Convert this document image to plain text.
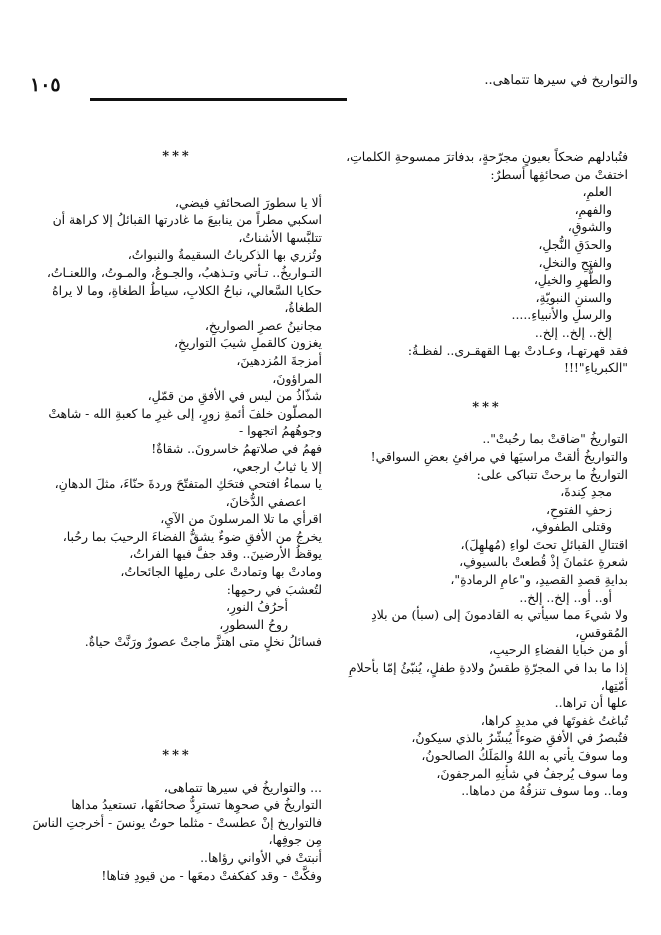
١٠٥	والتواريخ في سيرها تتماهى..

فتُبادلهم ضحكاً بعيونٍ مجرّحةٍ، بدفاترَ ممسوحةِ الكلماتِ،

اختفتْ من صحائفِها أسطرٌ:

العلمِ،

والفهمِ،

والشوقِ،

والحدَقِ النُّجلِ،

والفتحِ والنخلِ،

والطُّهرِ والخيلِ،

والسننِ النبويّةِ،

والرسلِ والأنبياءِ.....

إلخ.. إلخ.. إلخ..

فقد قهرتهـا، وعـادتْ بهـا القهقـرى.. لفظـةُ: "الكبرياءِ"!!!

***

التواريخُ "ضاقتْ بما رحُبتْ"..

والتواريخُ ألقتْ مراسيَها في مرافئِ بعضِ السواقي!

التواريخُ ما برحتْ تتباكى على:

مجدِ كِندةَ،

زحفِ الفتوحِ،

وقتلى الطفوفِ،

اقتتالِ القبائلِ تحتَ لواءِ (مُهلهِلَ)،

شعرةِ عثمانَ إذْ قُطعتْ بالسيوفِ،

بدايةِ قصدِ القصيدِ، و"عامِ الرمادةِ"،

أو.. أو.. إلخ.. إلخ..

ولا شيءَ مما سيأتي به القادمونَ إلى (سبأ) من بلادِ المُقوقسِ،

أو من خبايا الفضاءِ الرحيبِ،

إذا ما بدا في المجرّةِ طقسُ ولادةِ طفلٍ، يُنبّئُ إمّا بأحلامِ أمّتِها،

علها أن تراها..

تُباغتُ غفوتَها في مديدِ كراها،

فتُبصرُ في الأفقِ ضوءاً يُبشّرُ بالذي سيكونُ،

وما سوفَ يأتي به اللهُ والمَلَكُ الصالحونُ،

وما سوف يُرجفُ في شأنِهِ المرجفونَ،

وما.. وما سوف تنزفُهُ من دماها..

***

ألا يا سطورَ الصحائفِ فيضي،

اسكبي مطراً من ينابيعَ ما غادرتها القبائلُ إلا كراهة أن تتلبَّسها الأشناتُ،

وتُزري بها الذكرياتُ السقيمةُ والنبواتُ،

التـواريخُ.. تـأتي وتـذهبُ، والجـوعُ، والمـوتُ، واللعنـاتُ،

حكايا السَّعالي، نباحُ الكلابِ، سياطُ الطغاةِ، وما لا يراهُ الطغاةُ،

مجانينُ عصرِ الصواريخِ،

يغزون كالقملِ شيبَ التواريخِ،

أمزجةَ المُزدهينَ،

المراؤونَ،

شذّاذُ من ليس في الأفقِ من قمّلِ،

المصلّون خلفَ أئمةِ زورٍ، إلى غيرِ ما كعبةِ الله - شاهتْ وجوهُهمُ اتجهوا -

فهمُ في صلاتهمُ خاسرونَ.. شقاةٌ!

إلا يا ثيابُ ارجعي،

يا سماءُ افتحي فتحَكِ المتفتّحَ وردةَ حنّاءَ، مثلَ الدهانِ،

اعصفي الدُّخانَ،

اقرأي ما تلا المرسلونَ من الآيِ،

يخرجُ من الأفقِ ضوءٌ يشقُّ الفضاءَ الرحيبَ بما رحُبا،

يوقظُ الأرضينَ.. وقد جفَّ فيها الفراتُ،

ومادتْ بها وتمادتْ على رملِها الجائحاتُ،

لتُعشبَ في رحمِها:

أحرُفُ النورِ،

روحُ السطورِ،

فسائلُ نخلٍ متى اهتزَّ ماجتْ عصورٌ ورَنَّتْ حياةٌ.

***

... والتواريخُ في سيرها تتماهى،

التواريخُ في صحوِها تسترِدُّ صحائفَها، تستعيدُ مداها

فالتواريخ إنْ عطستْ - مثلما حوتُ يونسَ - أخرجتِ الناسَ مِن جوفِها،

أنبتتْ في الأواني رؤاها..

وفكَّتْ - وقد كفكفتْ دمعَها - من قيودِ فتاها!
